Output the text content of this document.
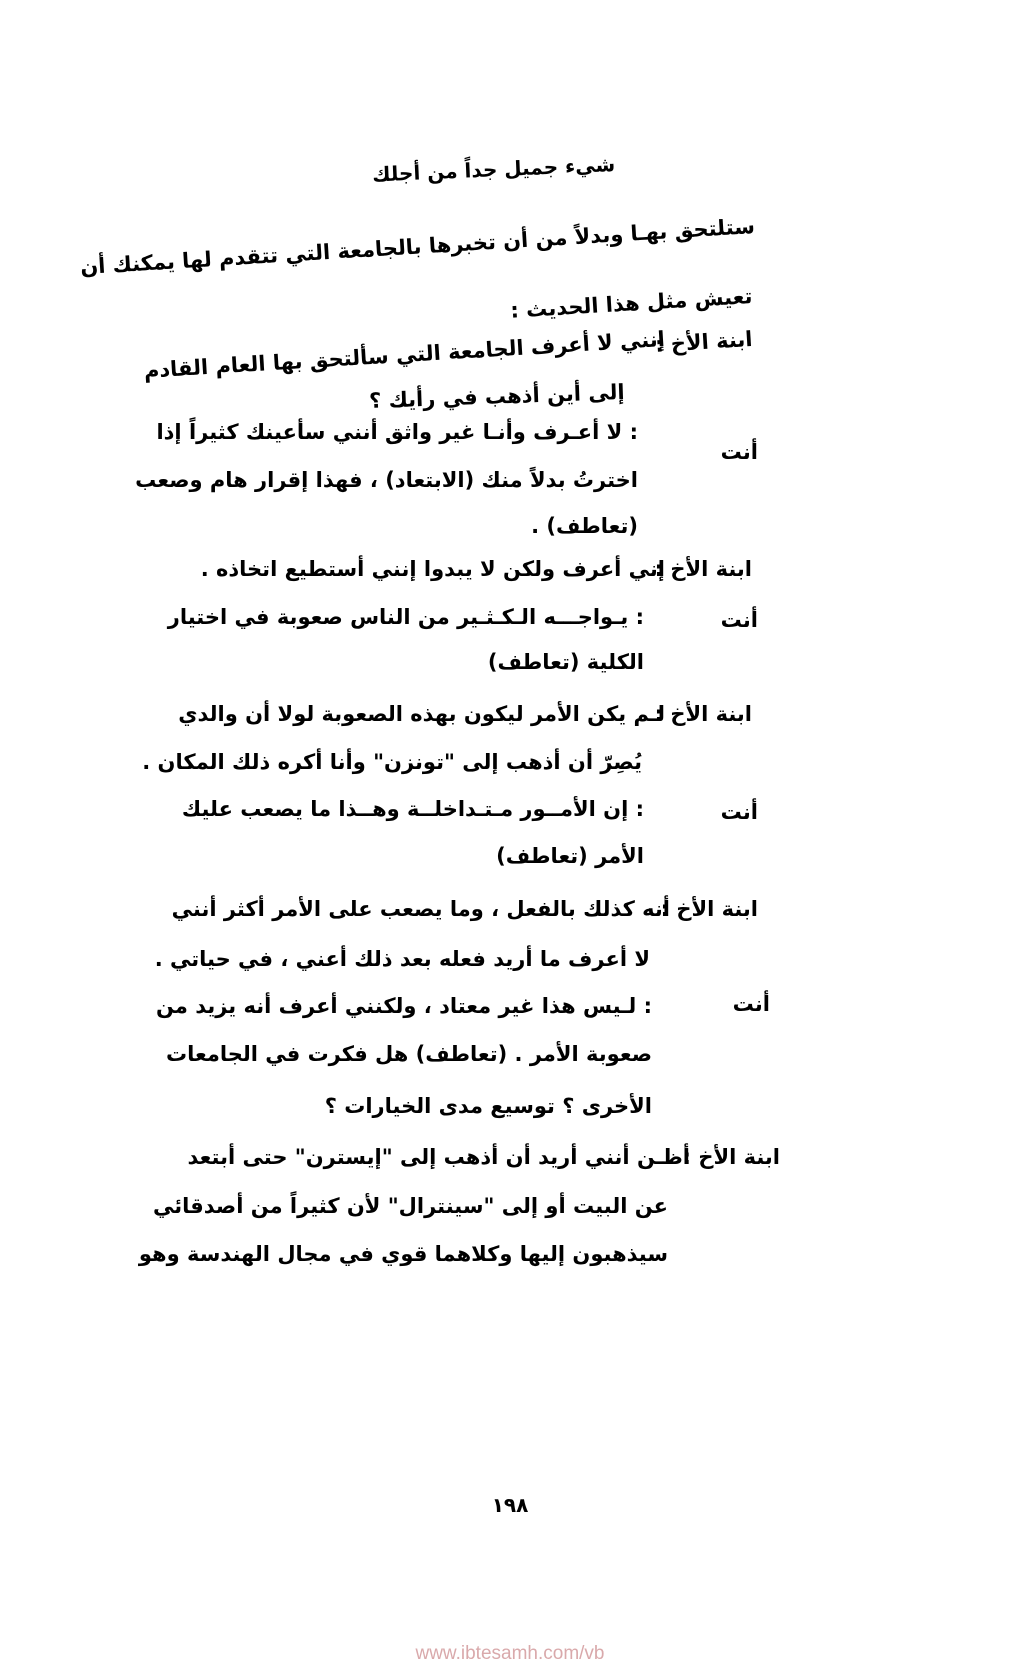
شيء جميل جداً من أجلك
ستلتحق بهـا وبدلاً من أن تخبرها بالجامعة التي تتقدم لها يمكنك أن
تعيش مثل هذا الحديث :
ابنة الأخ :
إنني لا أعرف الجامعة التي سألتحق بها العام القادم
إلى أين أذهب في رأيك ؟
أنت
: لا أعـرف وأنـا غير واثق أنني سأعينك كثيراً إذا
اخترتُ بدلاً منك (الابتعاد) ، فهذا إقرار هام وصعب
(تعاطف) .
ابنة الأخ :
إني أعرف ولكن لا يبدوا إنني أستطيع اتخاذه .
أنت
: يـواجـــه الـكـثـير من الناس صعوبة في اختيار
الكلية (تعاطف)
ابنة الأخ :
لـم يكن الأمر ليكون بهذه الصعوبة لولا أن والدي
يُصِرّ أن أذهب إلى "تونزن" وأنا أكره ذلك المكان .
أنت
: إن الأمــور مـتـداخلــة وهــذا ما يصعب عليك
الأمر (تعاطف)
ابنة الأخ :
أنه كذلك بالفعل ، وما يصعب على الأمر أكثر أنني
لا أعرف ما أريد فعله بعد ذلك أعني ، في حياتي .
أنت
: لـيس هذا غير معتاد ، ولكنني أعرف أنه يزيد من
صعوبة الأمر . (تعاطف) هل فكرت في الجامعات
الأخرى ؟ توسيع مدى الخيارات ؟
ابنة الأخ :
أظـن أنني أريد أن أذهب إلى "إيسترن" حتى أبتعد
عن البيت أو إلى "سينترال" لأن كثيراً من أصدقائي
سيذهبون إليها وكلاهما قوي في مجال الهندسة وهو
١٩٨
www.ibtesamh.com/vb
